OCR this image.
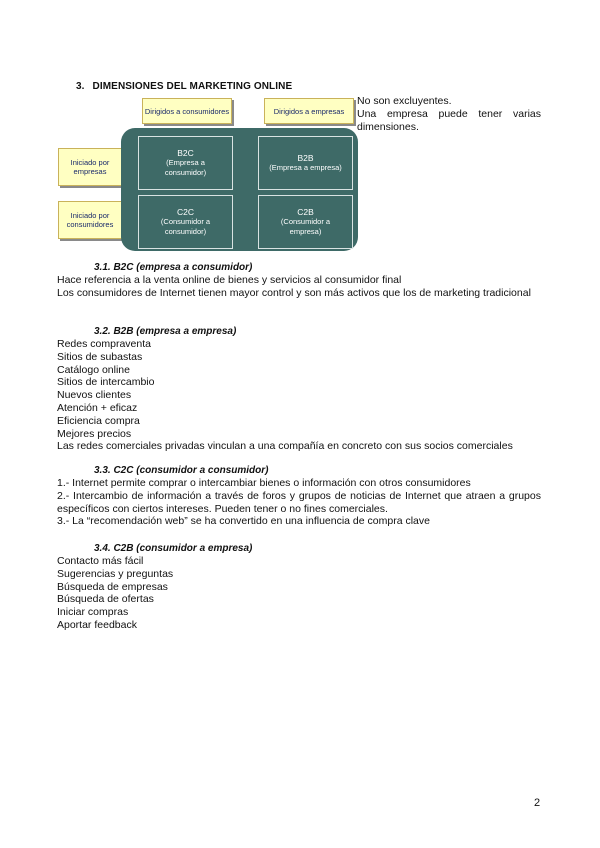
3. DIMENSIONES DEL MARKETING ONLINE
Dirigidos a consumidores	Dirigidos a empresas
Iniciado por empresas
Iniciado por consumidores
B2C
(Empresa a consumidor)
B2B
(Empresa a empresa)
C2C
(Consumidor a consumidor)
C2B
(Consumidor a empresa)

No son excluyentes.

Una empresa puede tener varias dimensiones.

3.1. B2C (empresa a consumidor)

Hace referencia a la venta online de bienes y servicios al consumidor final

Los consumidores de Internet tienen mayor control y son más activos que los de marketing tradicional

3.2. B2B (empresa a empresa)

Redes compraventa

Sitios de subastas

Catálogo online

Sitios de intercambio

Nuevos clientes

Atención + eficaz

Eficiencia compra

Mejores precios

Las redes comerciales privadas vinculan a una compañía en concreto con sus socios comerciales

3.3. C2C (consumidor a consumidor)

1.- Internet permite comprar o intercambiar bienes o información con otros consumidores

2.- Intercambio de información a través de foros y grupos de noticias de Internet que atraen a grupos específicos con ciertos intereses. Pueden tener o no fines comerciales.

3.- La “recomendación web” se ha convertido en una influencia de compra clave

3.4. C2B (consumidor a empresa)

Contacto más fácil

Sugerencias y preguntas

Búsqueda de empresas

Búsqueda de ofertas

Iniciar compras

Aportar feedback

2
